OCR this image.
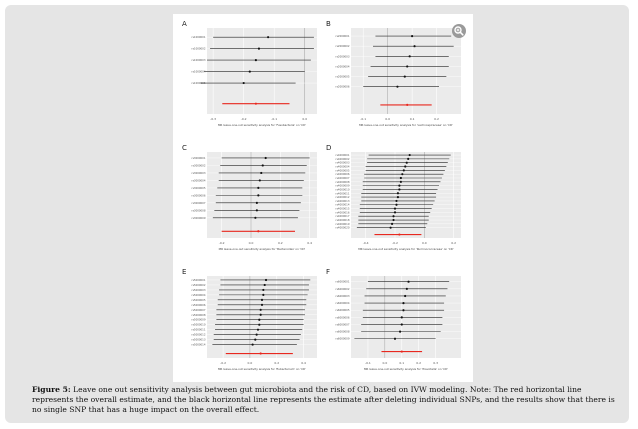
A
-0.3	-0.2	-0.1	0.0
rs1000001
rs1000002
rs1000003
rs1000004
rs1000005
MR leave-one-out sensitivity analysis for 'Fusobacteria' on 'CD'
B
-0.1	0.0	0.1	0.2
rs2000001
rs2000002
rs2000003
rs2000004
rs2000005
rs2000006
MR leave-one-out sensitivity analysis for 'Lachnospiraceae' on 'CD'
C
-0.2	0.0	0.2	0.4
rs3000001
rs3000002
rs3000003
rs3000004
rs3000005
rs3000006
rs3000007
rs3000008
rs3000009
MR leave-one-out sensitivity analysis for 'Bacteroides' on 'CD'
D
-0.4	-0.2	0.0	0.2
rs4000001
rs4000002
rs4000003
rs4000004
rs4000005
rs4000006
rs4000007
rs4000008
rs4000009
rs4000010
rs4000011
rs4000012
rs4000013
rs4000014
rs4000015
rs4000016
rs4000017
rs4000018
rs4000019
rs4000020
MR leave-one-out sensitivity analysis for 'Ruminococcaceae' on 'CD'
E
-0.2	0.0	0.2	0.4
rs5000001
rs5000002
rs5000003
rs5000004
rs5000005
rs5000006
rs5000007
rs5000008
rs5000009
rs5000010
rs5000011
rs5000012
rs5000013
rs5000014
MR leave-one-out sensitivity analysis for 'Eubacterium' on 'CD'
F
-0.1	0.0	0.1	0.2	0.3
rs6000001
rs6000002
rs6000003
rs6000004
rs6000005
rs6000006
rs6000007
rs6000008
rs6000009
MR leave-one-out sensitivity analysis for 'Prevotella' on 'CD'
Figure 5: Leave one out sensitivity analysis between gut microbiota and the risk of CD, based on IVW modeling. Note: The red horizontal line represents the overall estimate, and the black horizontal line represents the estimate after deleting individual SNPs, and the results show that there is no single SNP that has a huge impact on the overall effect.
